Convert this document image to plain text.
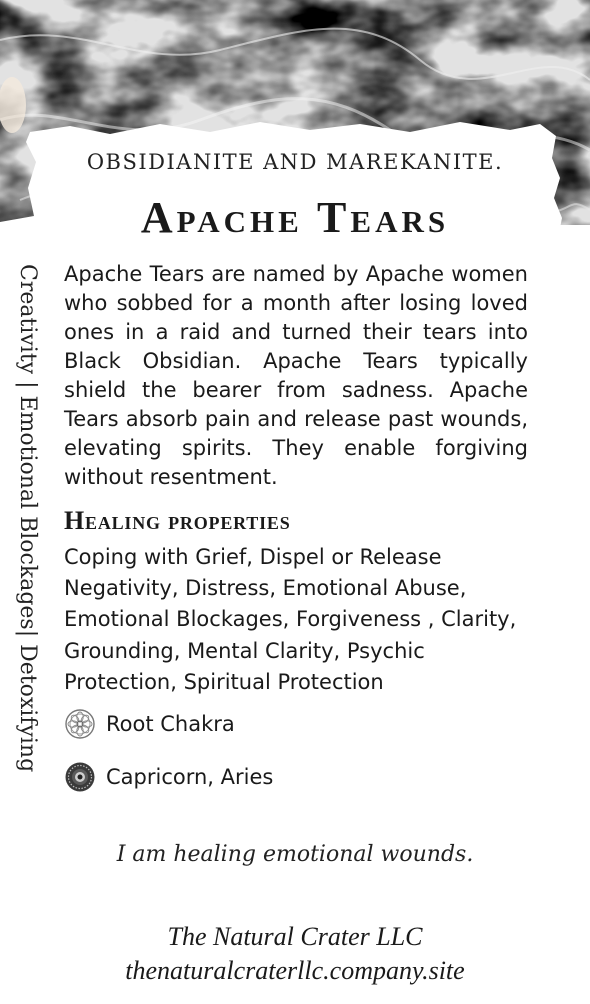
OBSIDIANITE AND MAREKANITE.
Apache Tears
Creativity | Emotional Blockages| Detoxifying Apache Tears are named by Apache women who sobbed for a month after losing loved ones in a raid and turned their tears into Black Obsidian. Apache Tears typically shield the bearer from sadness. Apache Tears absorb pain and release past wounds, elevating spirits. They enable forgiving without resentment.
Healing properties
Coping with Grief, Dispel or Release Negativity, Distress, Emotional Abuse, Emotional Blockages, Forgiveness , Clarity, Grounding, Mental Clarity, Psychic Protection, Spiritual Protection
Root Chakra
Capricorn, Aries
I am healing emotional wounds.
The Natural Crater LLC
thenaturalcraterllc.company.site
